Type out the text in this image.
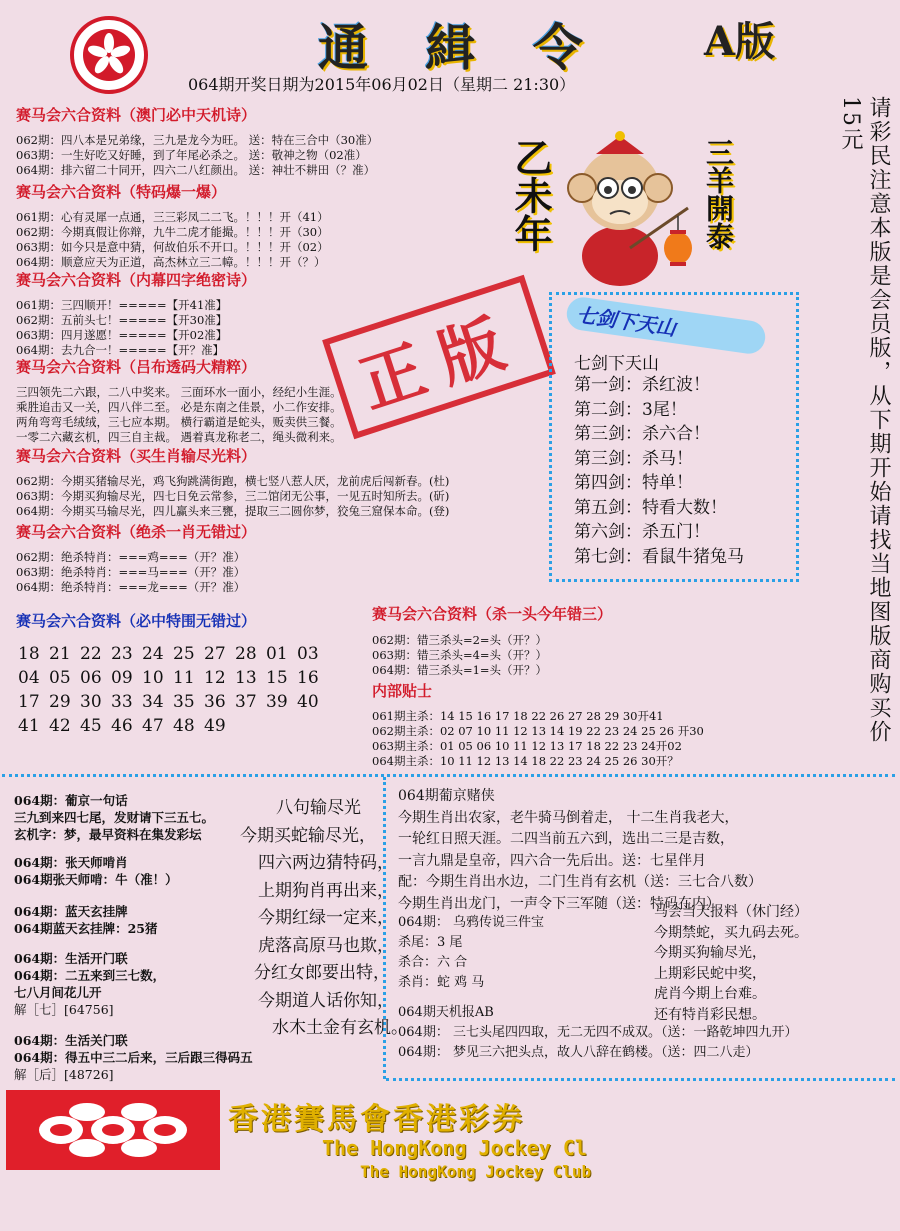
通 緝 令	A版
064期开奖日期为2015年06月02日（星期二 21:30）
请彩民注意本版是会员版，从下期开始请找当地图版商购买价15元
赛马会六合资料（澳门必中天机诗）
062期：四八本是兄弟缘，三九是龙今为旺。 送：特在三合中（30准）
063期：一生好吃又好睡，到了年尾必杀之。 送：敬神之物（02准）
064期：排六留二十同开，四六二八红颜出。 送：神壮不耕田（？准）
赛马会六合资料（特码爆一爆）
061期：心有灵犀一点通，三三彩凤二二飞。！！！开（41）
062期：今期真假让你辩，九牛二虎才能撮。！！！开（30）
063期：如今只是意中猜，何故伯乐不开口。！！！开（02）
064期：顺意应天为正道，高杰林立三二幛。！！！开（？）
赛马会六合资料（内幕四字绝密诗）
061期：三四顺开！=====【开41准】
062期：五前头七！=====【开30准】
063期：四月遂愿！=====【开02准】
064期：去九合一！=====【开？准】
赛马会六合资料（吕布透码大精粹）
三四领先二六跟，二八中奖来。 三面环水一面小，经纪小生涯。
乘胜追击又一关，四八伴二至。 必是东南之佳景，小二作安排。
两角弯弯毛绒绒，三七应本期。 横行霸道是蛇头，贩卖供三餐。
一零二六藏玄机，四三自主裁。 遇着真龙称老二，绳头微利来。
赛马会六合资料（买生肖输尽光料）
062期：今期买猪输尽光，鸡飞狗跳满街跑，横七竖八惹人厌，龙前虎后闯新春。(杜)
063期：今期买狗输尽光，四七日免云常参，三二馆闭无公事，一见五时知所去。(斫)
064期：今期买马输尽光，四儿赢头来三甕，提取三二圆你梦，狡兔三窟保本命。(登)
赛马会六合资料（绝杀一肖无错过）
062期：绝杀特肖：===鸡===（开？准）
063期：绝杀特肖：===马===（开？准）
064期：绝杀特肖：===龙===（开？准）
正版
乙未年	三羊開泰
七剑下天山
七剑下天山
第一剑：杀红波！
第二剑：3尾！
第三剑：杀六合！
第三剑：杀马！
第四剑：特单！
第五剑：特看大数！
第六剑：杀五门！
第七剑：看鼠牛猪兔马
赛马会六合资料（必中特围无错过）
18 21 22 23 24 25 27 28 01 03
04 05 06 09 10 11 12 13 15 16
17 29 30 33 34 35 36 37 39 40
41 42 45 46 47 48 49
赛马会六合资料（杀一头今年错三）
062期：错三杀头=2=头（开？）
063期：错三杀头=4=头（开？）
064期：错三杀头=1=头（开？）
内部贴士
061期主杀：14 15 16 17 18 22 26 27 28 29 30开41
062期主杀：02 07 10 11 12 13 14 19 22 23 24 25 26 开30
063期主杀：01 05 06 10 11 12 13 17 18 22 23 24开02
064期主杀：10 11 12 13 14 18 22 23 24 25 26 30开？
064期：葡京一句话
三九到来四七尾，发财请下三五七。
玄机字：梦，最早资料在集发彩坛
064期：张天师啃肖
064期张天师啃：牛（准！）
064期：蓝天玄挂牌
064期蓝天玄挂牌：25猪
064期：生活开门联
064期：二五来到三七数，
七八月间花儿开
解［七］[64756]
064期：生活关门联
064期：得五中三二后来，三后跟三得码五
解［后］[48726]
八句输尽光
今期买蛇输尽光，
四六两边猜特码，
上期狗肖再出来，
今期红绿一定来，
虎落高原马也欺，
分红女郎要出特，
今期道人话你知，
水木土金有玄机。
064期葡京赌侠
今期生肖出农家，老牛骑马倒着走， 十二生肖我老大，
一轮红日照天涯。二四当前五六到，选出二三是吉数，
一言九鼎是皇帝，四六合一先后出。送：七星伴月
配：今期生肖出水边，二门生肖有玄机（送：三七合八数）
今期生肖出龙门，一声令下三军随（送：特码在内）
064期： 乌鸦传说三件宝
杀尾：3 尾
杀合：六 合
杀肖：蛇 鸡 马
马会当天报料（休门经）
今期禁蛇，买九码去死。
今期买狗输尽光，
上期彩民蛇中奖，
虎肖今期上台难。
还有特肖彩民想。
064期天机报AB
064期： 三七头尾四四取，无二无四不成双。（送：一路乾坤四九开）
064期： 梦见三六把头点，故人八辞在鹤楼。（送：四二八走）
香港賽馬會香港彩券
The HongKong Jockey Cl
The HongKong Jockey Club
